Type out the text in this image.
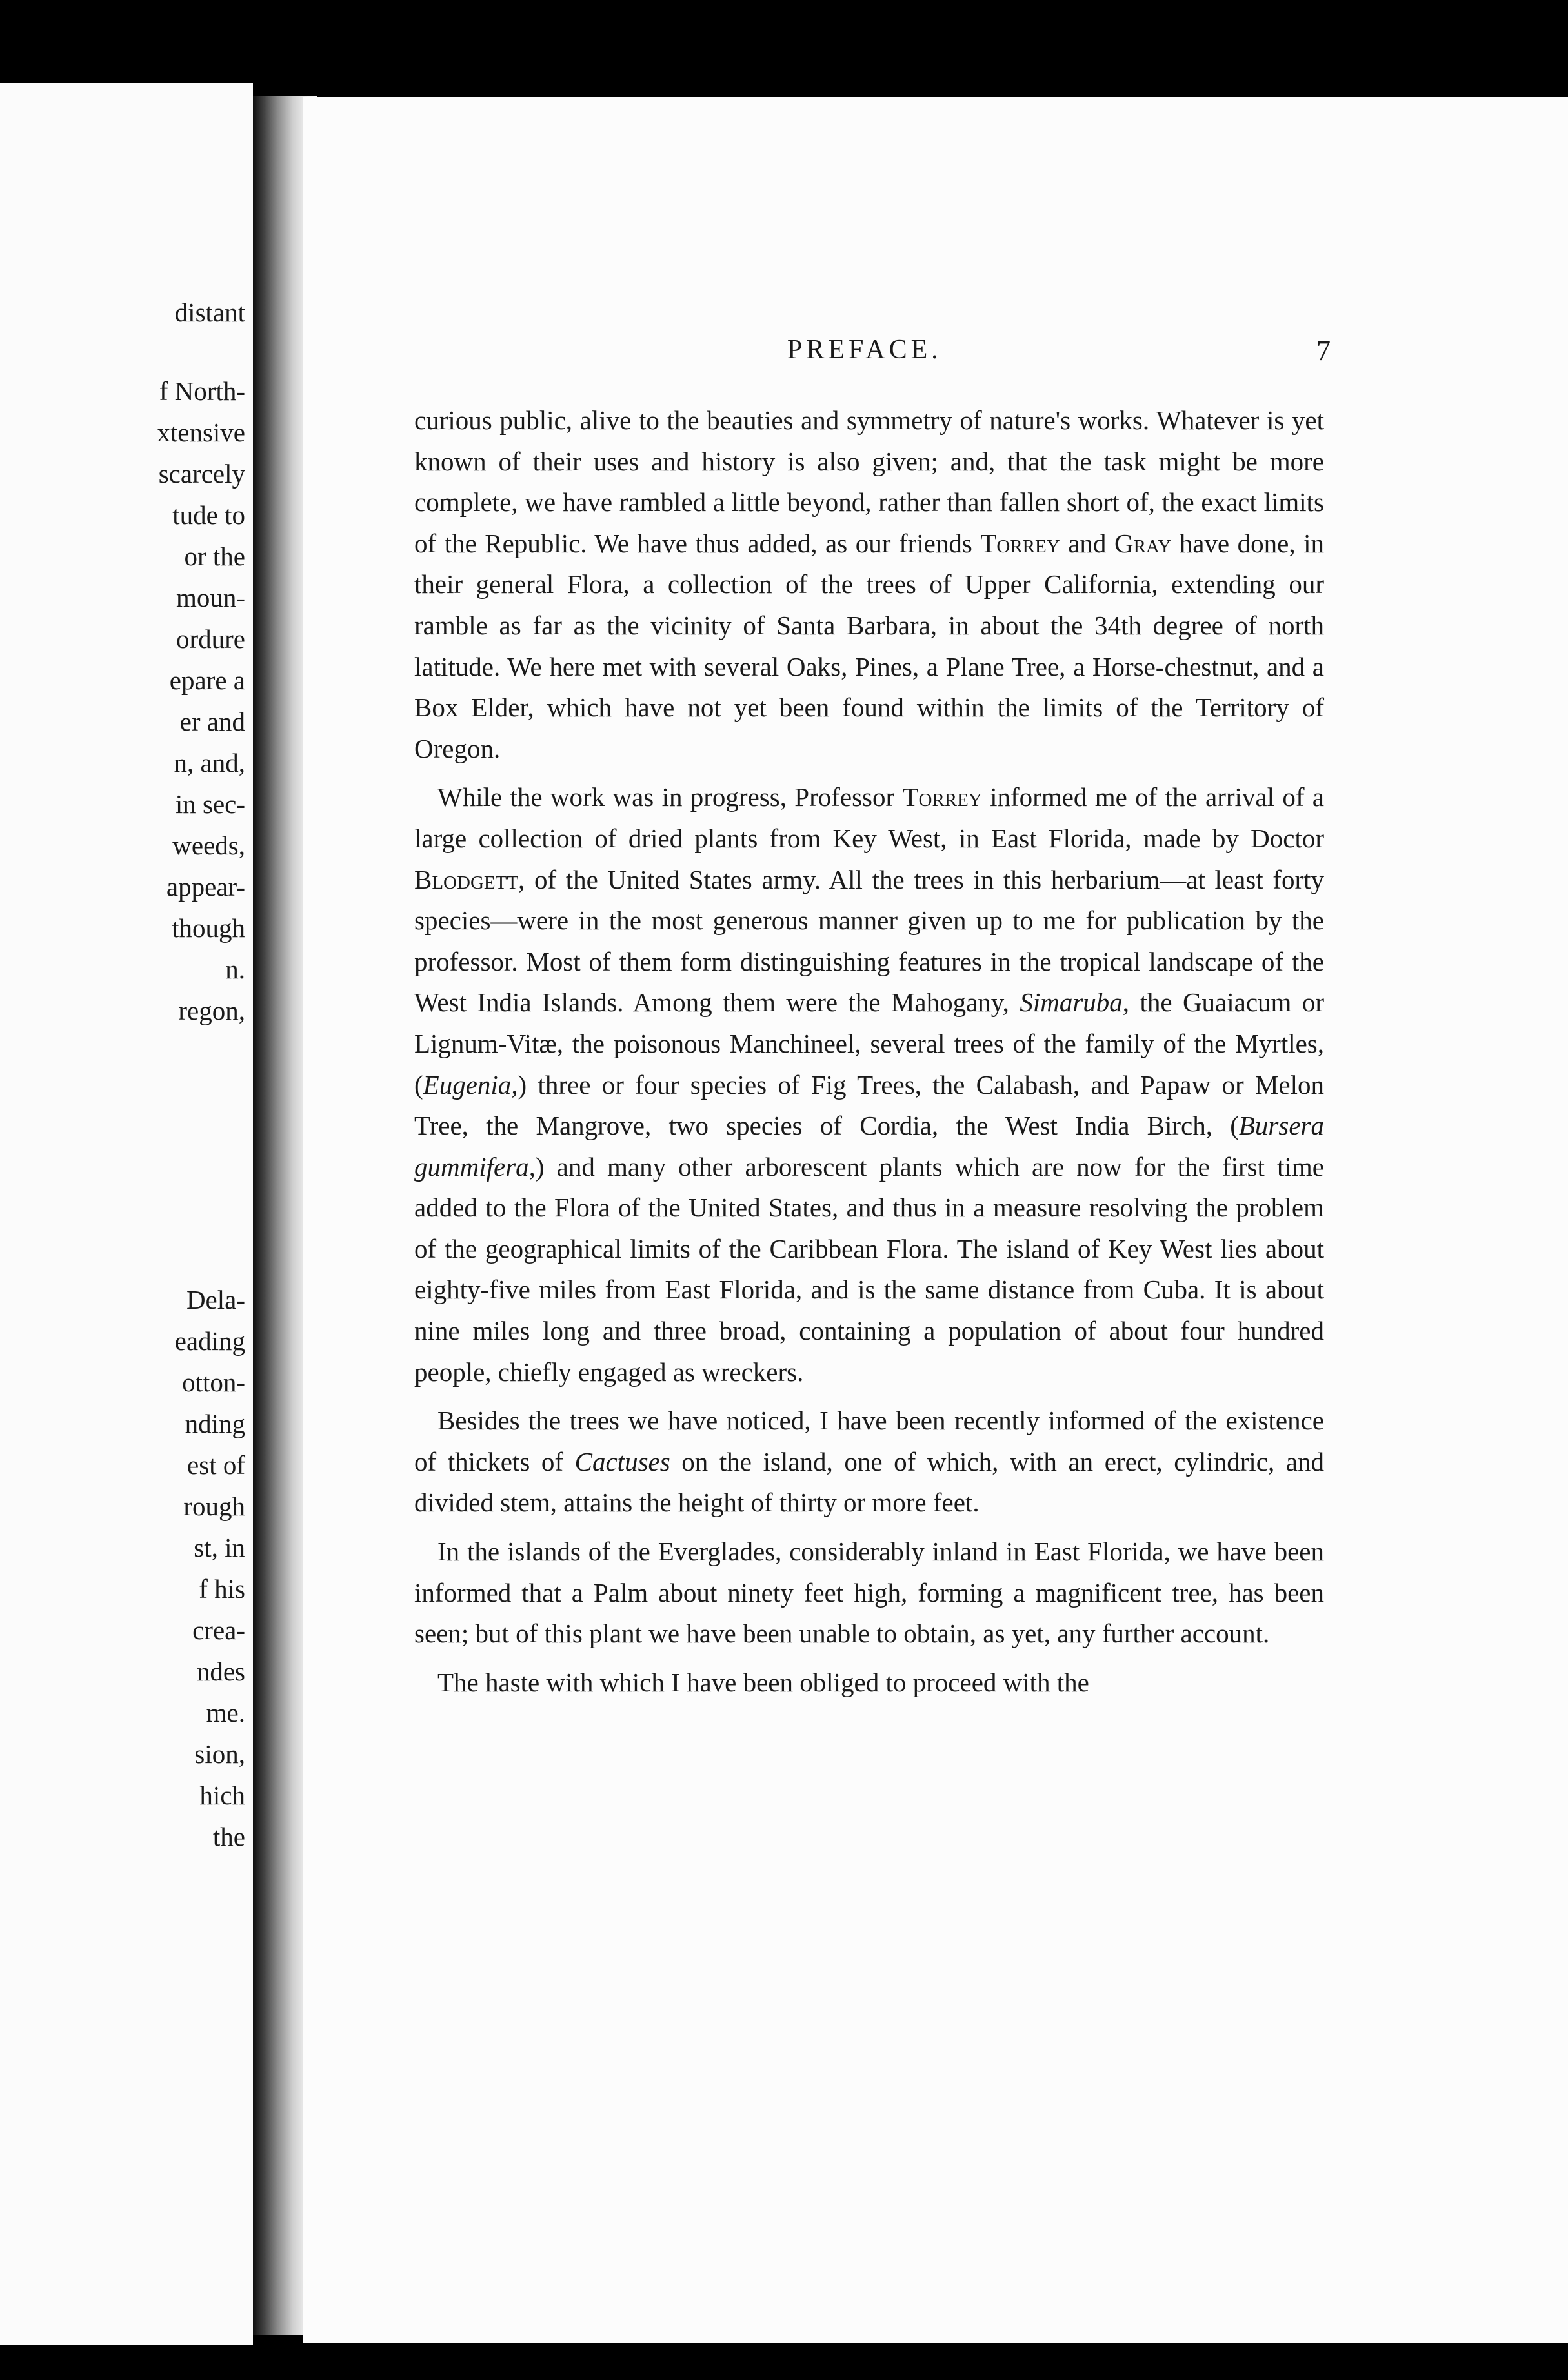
distant

f North-

xtensive

scarcely

tude to

or the

moun-

ordure

epare a

er and

n, and,

in sec-

weeds,

appear-

though

n.

regon,

Dela-

eading

otton-

nding

est of

rough

st, in

f his

crea-

ndes

me.

sion,

hich

the

PREFACE.	7

curious public, alive to the beauties and symmetry of nature's works. Whatever is yet known of their uses and history is also given; and, that the task might be more complete, we have rambled a little beyond, rather than fallen short of, the exact limits of the Republic. We have thus added, as our friends Torrey and Gray have done, in their general Flora, a collection of the trees of Upper California, extending our ramble as far as the vicinity of Santa Barbara, in about the 34th degree of north latitude. We here met with several Oaks, Pines, a Plane Tree, a Horse-chestnut, and a Box Elder, which have not yet been found within the limits of the Territory of Oregon.

While the work was in progress, Professor Torrey informed me of the arrival of a large collection of dried plants from Key West, in East Florida, made by Doctor Blodgett, of the United States army. All the trees in this herbarium—at least forty species—were in the most generous manner given up to me for publication by the professor. Most of them form distinguishing features in the tropical landscape of the West India Islands. Among them were the Mahogany, Simaruba, the Guaiacum or Lignum-Vitæ, the poisonous Manchineel, several trees of the family of the Myrtles, (Eugenia,) three or four species of Fig Trees, the Calabash, and Papaw or Melon Tree, the Mangrove, two species of Cordia, the West India Birch, (Bursera gummifera,) and many other arborescent plants which are now for the first time added to the Flora of the United States, and thus in a measure resolving the problem of the geographical limits of the Caribbean Flora. The island of Key West lies about eighty-five miles from East Florida, and is the same distance from Cuba. It is about nine miles long and three broad, containing a population of about four hundred people, chiefly engaged as wreckers.

Besides the trees we have noticed, I have been recently informed of the existence of thickets of Cactuses on the island, one of which, with an erect, cylindric, and divided stem, attains the height of thirty or more feet.

In the islands of the Everglades, considerably inland in East Florida, we have been informed that a Palm about ninety feet high, forming a magnificent tree, has been seen; but of this plant we have been unable to obtain, as yet, any further account.

The haste with which I have been obliged to proceed with the
